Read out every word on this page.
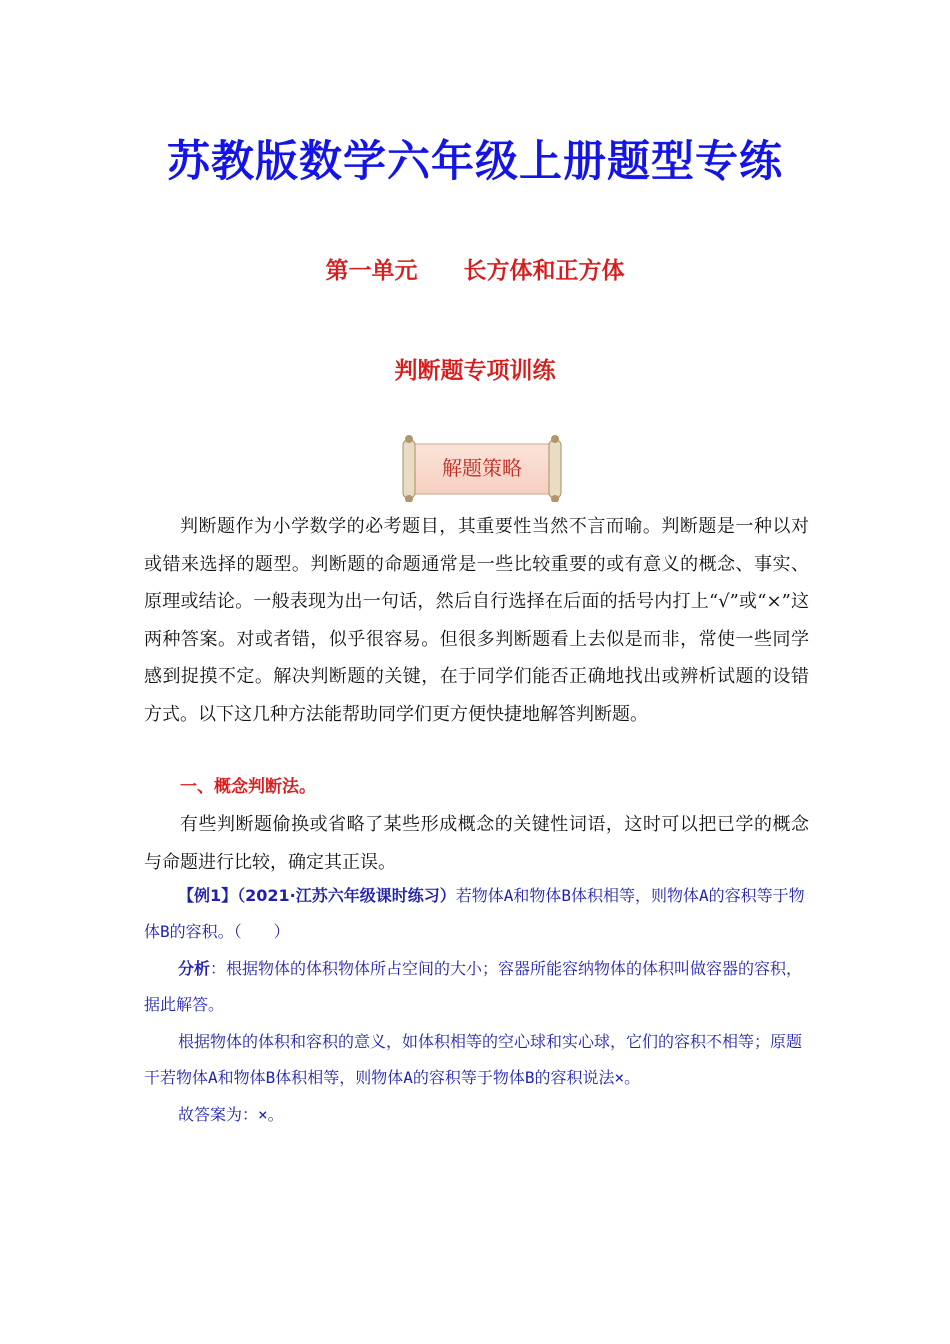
苏教版数学六年级上册题型专练
第一单元　　长方体和正方体
判断题专项训练
解题策略

判断题作为小学数学的必考题目，其重要性当然不言而喻。判断题是一种以对或错来选择的题型。判断题的命题通常是一些比较重要的或有意义的概念、事实、原理或结论。一般表现为出一句话，然后自行选择在后面的括号内打上“√”或“×”这两种答案。对或者错，似乎很容易。但很多判断题看上去似是而非，常使一些同学感到捉摸不定。解决判断题的关键，在于同学们能否正确地找出或辨析试题的设错方式。以下这几种方法能帮助同学们更方便快捷地解答判断题。

一、概念判断法。

有些判断题偷换或省略了某些形成概念的关键性词语，这时可以把已学的概念与命题进行比较，确定其正误。

【例1】（2021·江苏六年级课时练习）若物体A和物体B体积相等，则物体A的容积等于物体B的容积。（　　）

分析：根据物体的体积物体所占空间的大小；容器所能容纳物体的体积叫做容器的容积，据此解答。

根据物体的体积和容积的意义，如体积相等的空心球和实心球，它们的容积不相等；原题干若物体A和物体B体积相等，则物体A的容积等于物体B的容积说法×。

故答案为：×。
